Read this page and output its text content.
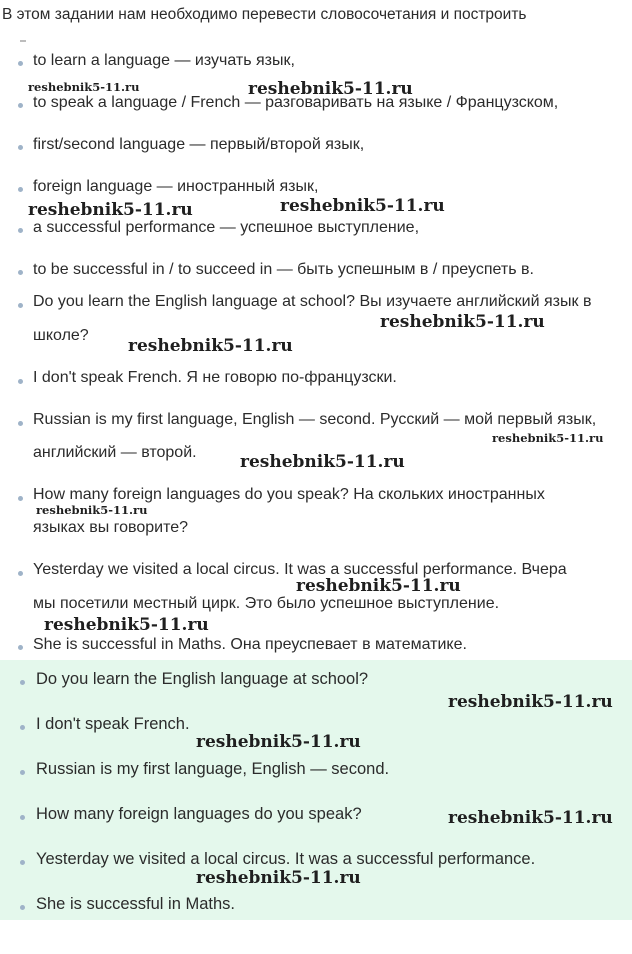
В этом задании нам необходимо перевести словосочетания и построить
to learn a language — изучать язык,
to speak a language / French — разговаривать на языке / Французском,
first/second language — первый/второй язык,
foreign language — иностранный язык,
a successful performance — успешное выступление,
to be successful in / to succeed in — быть успешным в / преуспеть в.
Do you learn the English language at school? Вы изучаете английский язык в
школе?
I don't speak French. Я не говорю по-французски.
Russian is my first language, English — second. Русский — мой первый язык,
английский — второй.
How many foreign languages do you speak? На скольких иностранных
языках вы говорите?
Yesterday we visited a local circus. It was a successful performance. Вчера
мы посетили местный цирк. Это было успешное выступление.
She is successful in Maths. Она преуспевает в математике.
Do you learn the English language at school?
I don't speak French.
Russian is my first language, English — second.
How many foreign languages do you speak?
Yesterday we visited a local circus. It was a successful performance.
She is successful in Maths.
reshebnik5-11.ru	reshebnik5-11.ru
reshebnik5-11.ru	reshebnik5-11.ru
reshebnik5-11.ru
reshebnik5-11.ru
reshebnik5-11.ru
reshebnik5-11.ru
reshebnik5-11.ru
reshebnik5-11.ru
reshebnik5-11.ru
reshebnik5-11.ru
reshebnik5-11.ru
reshebnik5-11.ru
reshebnik5-11.ru
